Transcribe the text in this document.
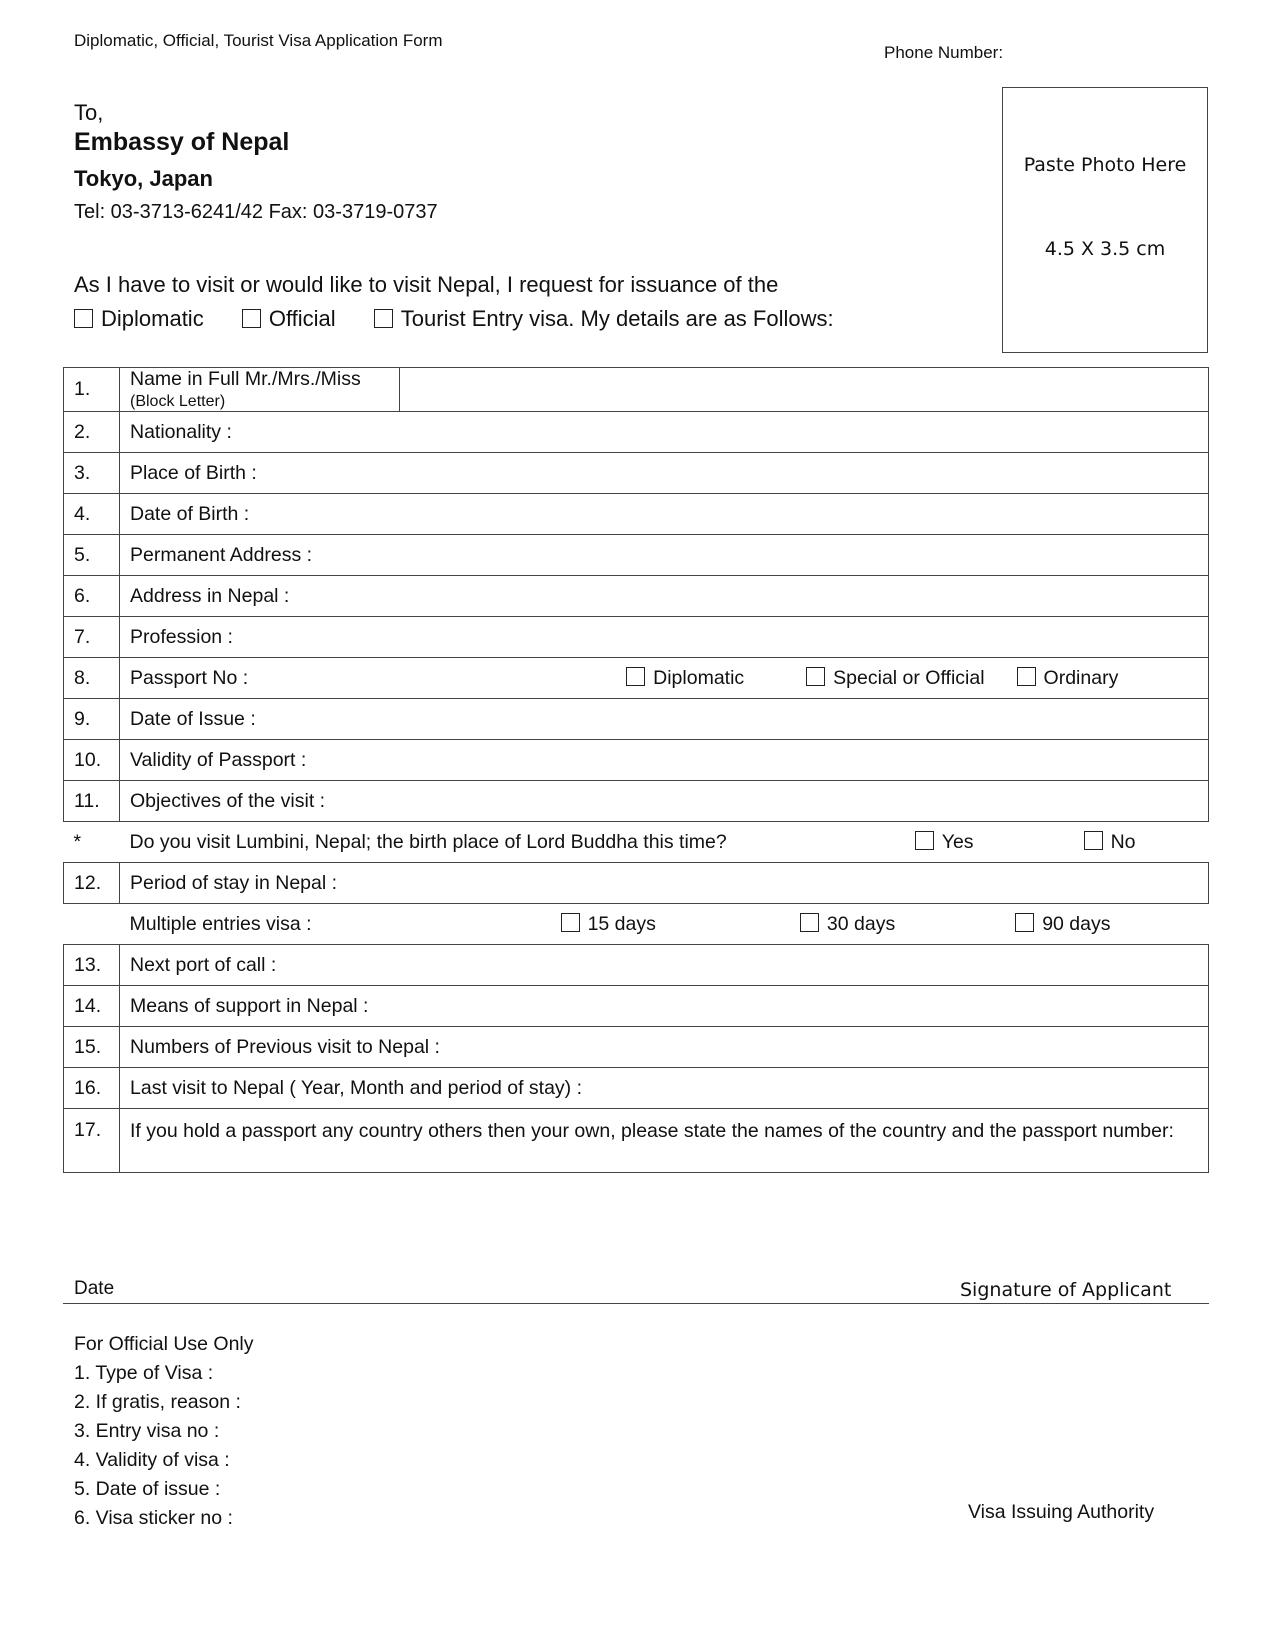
Diplomatic, Official, Tourist Visa Application Form
Phone Number:
To,
Embassy of Nepal
Tokyo, Japan
Tel: 03-3713-6241/42 Fax: 03-3719-0737
Paste Photo Here
4.5 X 3.5 cm
As I have to visit or would like to visit Nepal, I request for issuance of the
Diplomatic	Official	Tourist Entry visa. My details are as Follows:
1.	Name in Full Mr./Mrs./Miss
(Block Letter)	

2.	Nationality :	
3.	Place of Birth :	
4.	Date of Birth :	
5.	Permanent Address :	
6.	Address in Nepal :	
7.	Profession :	
8.	Passport No : Diplomatic Special or Official Ordinary	

9.	Date of Issue :	
10.	Validity of Passport :	
11.	Objectives of the visit :	
*	Do you visit Lumbini, Nepal; the birth place of Lord Buddha this time? Yes No	

12.	Period of stay in Nepal :	

	Multiple entries visa : 15 days 30 days 90 days	

13.	Next port of call :	
14.	Means of support in Nepal :	
15.	Numbers of Previous visit to Nepal :	
16.	Last visit to Nepal ( Year, Month and period of stay) :	
17.	If you hold a passport any country others then your own, please state the names of the country and the passport number:	
Date	Signature of Applicant
For Official Use Only
1. Type of Visa :
2. If gratis, reason :
3. Entry visa no :
4. Validity of visa :
5. Date of issue :
6. Visa sticker no :	Visa Issuing Authority
